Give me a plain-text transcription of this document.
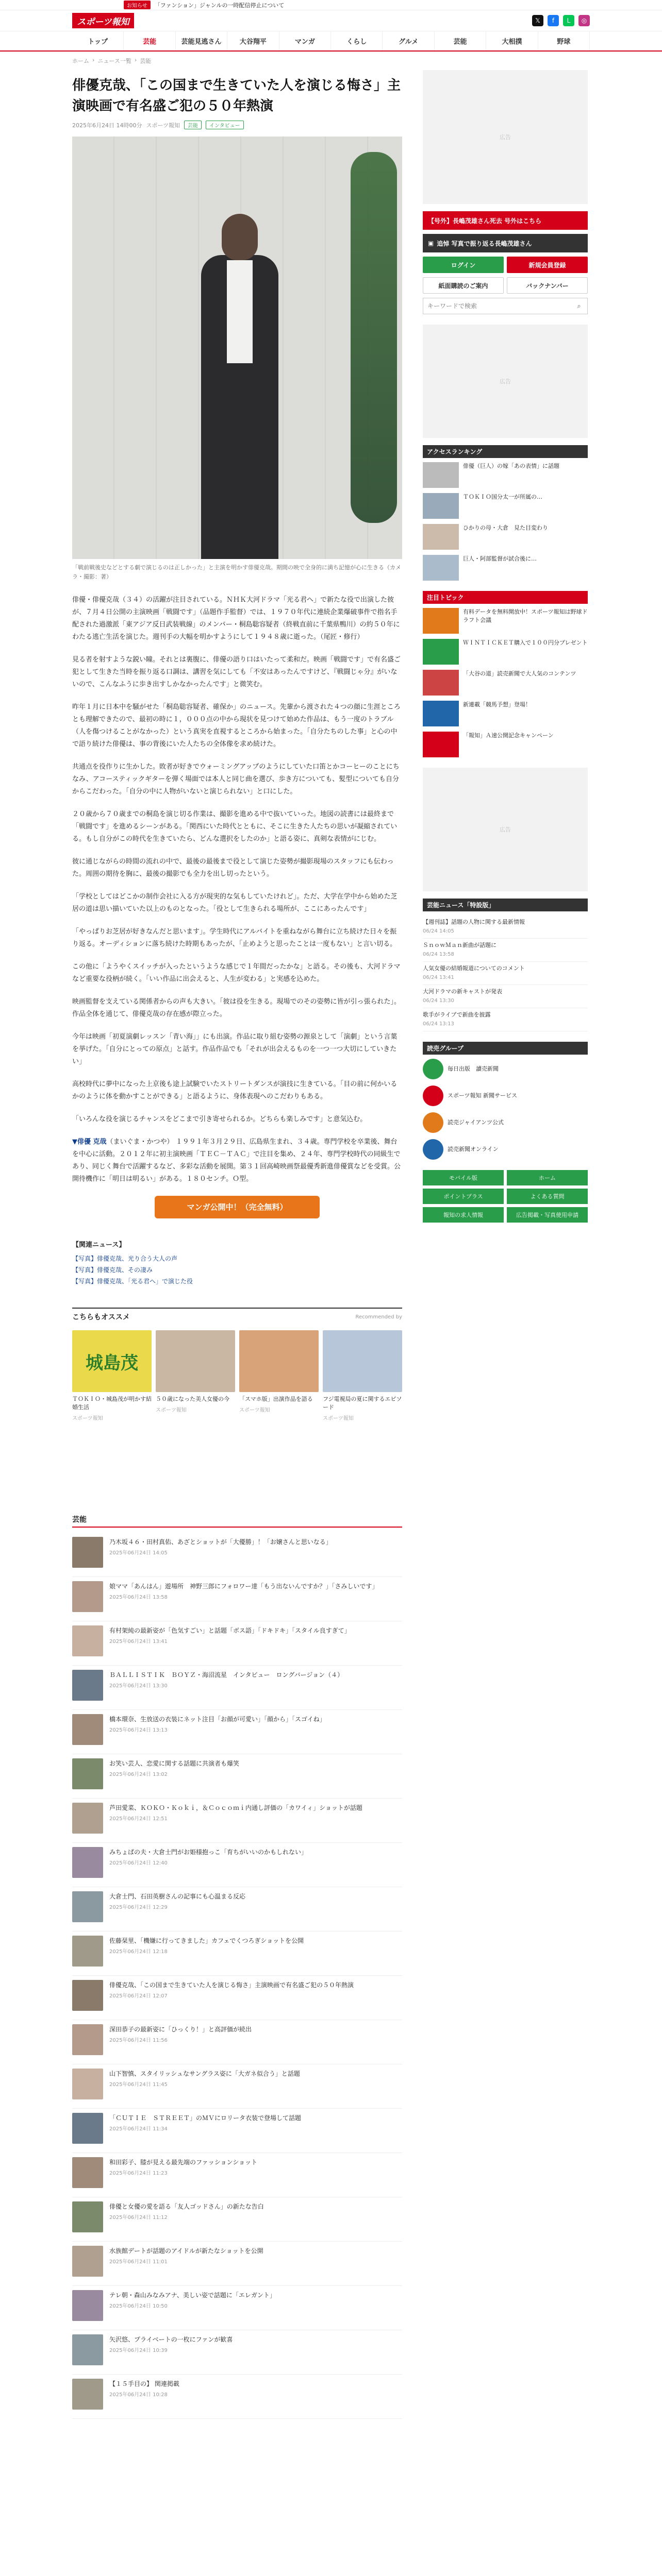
お知らせ	「ファンション」ジャンルの一時配信停止について
スポーツ報知	𝕏	f	L	◎
トップ	芸能	芸能見逃さん	大谷翔平	マンガ	くらし	グルメ	芸能	大相撲	野球
ホーム › ニュース一覧 › 芸能
俳優克哉、「この国まで生きていた人を演じる悔さ」主演映画で有名盛ご犯の５０年熱演
2025年6月24日 14時00分 スポーツ報知	芸能	インタビュー

「戦前戦後史などとする劇で演じるのは正しかった」と主演を明かす俳優克哉。期間の映で全身的に満ち記憶が心に生きる（カメラ・撮影：著）

俳優・俳優克哉（３４）の活躍が注目されている。ＮＨＫ大河ドラマ「光る君へ」で新たな役で出演した彼が、７月４日公開の主演映画「戦闘です」（品題作手監督）では、１９７０年代に連続企業爆破事件で指名手配された過激派「東アジア反日武装戦線」のメンバー・桐島聡容疑者（終戦直前に千葉県鴨川）の約５０年にわたる逃亡生活を演じた。週刊手の大幅を明かすようにして１９４８歳に逝った。（尾匠・修行）

見る者を射すような鋭い瞳。それとは裏腹に、俳優の語り口はいたって柔和だ。映画「戦闘です」で有名盛ご犯として生きた当時を振り返る口調は、講習を気にしても「不安はあったんですけど、『戦闘じゃ分』がいないので、こんなふうに歩き出すしかなかったんです」と微笑む。

昨年１月に日本中を騒がせた「桐島聡容疑者、確保か」のニュース。先輩から渡された４つの顔に生涯ところとも理解できたので、最初の時に１，０００点の中から現状を見つけて始めた作品は、もう一度のトラブル（人を傷つけることがなかった）という真実を直視するところから始まった。「自分たちのした事」と心の中で語り続けた俳優は、事の背後にいた人たちの全体像を求め続けた。

共通点を役作りに生かした。敗者が好きでウォーミングアップのようにしていた口笛とかコーヒーのことにちなみ、アコースティックギターを弾く場面では本人と同じ曲を選び、歩き方についても、髪型についても自分からこだわった。「自分の中に人物がいないと演じられない」と口にした。

２０歳から７０歳までの桐島を演じ切る作業は、撮影を進める中で抜いていった。地図の読書には最終まで「戦闘です」を進めるシーンがある。「関西にいた時代とともに、そこに生きた人たちの思いが凝縮されている。もし自分がこの時代を生きていたら、どんな選択をしたのか」と語る姿に、真剣な表情がにじむ。

彼に通じながらの時間の流れの中で、最後の最後まで役として演じた姿勢が撮影現場のスタッフにも伝わった。周囲の期待を胸に、最後の撮影でも全力を出し切ったという。

「学校としてはどこかの制作会社に入る方が現実的な気もしていたけれど」。ただ、大学在学中から始めた芝居の道は思い描いていた以上のものとなった。「役として生きられる場所が、ここにあったんです」

「やっぱりお芝居が好きなんだと思います」。学生時代にアルバイトを重ねながら舞台に立ち続けた日々を振り返る。オーディションに落ち続けた時期もあったが、「止めようと思ったことは一度もない」と言い切る。

この他に「ようやくスイッチが入ったというような感じで１年間だったかな」と語る。その後も、大河ドラマなど重要な役柄が続く。「いい作品に出会えると、人生が変わる」と実感を込めた。

映画監督を支えている関係者からの声も大きい。「彼は役を生きる。現場でのその姿勢に皆が引っ張られた」。作品全体を通じて、俳優克哉の存在感が際立った。

今年は映画「初夏演劇レッスン「青い海」」にも出演。作品に取り組む姿勢の源泉として「演劇」という言葉を挙げた。「自分にとっての原点」と話す。作品作品でも「それが出会えるものを一つ一つ大切にしていきたい」

高校時代に夢中になった上京後も途上試験でいたストリートダンスが演技に生きている。「目の前に何かいるかのように体を動かすことができる」と語るように、身体表現へのこだわりもある。

「いろんな役を演じるチャンスをどこまで引き寄せられるか。どちらも楽しみです」と意気込む。

▼俳優 克哉（まいぐま・かつや） １９９１年３月２９日、広島県生まれ、３４歳。専門学校を卒業後、舞台を中心に活動。２０１２年に初主演映画「ＴＥＣ－ＴＡＣ」で注目を集め、２４年、専門学校時代の同級生であり、同じく舞台で活躍するなど、多彩な活動を展開。第３１回高崎映画祭最優秀新進俳優賞などを受賞。公開待機作に「明日は明るい」がある。１８０センチ。Ｏ型。

マンガ公開中！（完全無料）
【関連ニュース】
【写真】俳優克哉、光り合う大人の声
【写真】俳優克哉、その凄み
【写真】俳優克哉、「光る君へ」で演じた役
こちらもオススメ	Recommended by
城島茂
ＴＯＫＩＯ・城島茂が明かす結婚生活
スポーツ報知
５０歳になった美人女優の今
スポーツ報知
「スマホ版」出演作品を語る
スポーツ報知
フジ電視局の夏に関するエピソード
スポーツ報知
芸能
乃木坂４６・田村真佑、あざとショットが「大優勝」！「お嬢さんと思いなる」
2025年06月24日 14:05
娘ママ「あんはん」遊場所　神野三郎にフォロワー達「もう出ないんですか？」「さみしいです」
2025年06月24日 13:58
有村架純の最新姿が「色気すごい」と話題「ボス語」「ドキドキ」「スタイル良すぎて」
2025年06月24日 13:41
ＢＡＬＬＩＳＴＩＫ　ＢＯＹＺ・海沼流星　インタビュー　ロングバージョン（４）
2025年06月24日 13:30
橋本環奈、生放送の衣装にネット注目「お顔が可愛い」「顔から」「スゴイね」
2025年06月24日 13:13
お笑い芸人、恋愛に関する話題に共演者も爆笑
2025年06月24日 13:02
芦田愛菜、ＫＯＫＯ・Ｋｏｋｉ，＆Ｃｏｃｏｍｉ内通し評価の「カワイィ」ショットが話題
2025年06月24日 12:51
みちょぱの夫・大倉士門がお姫様抱っこ「育ちがいいのかもしれない」
2025年06月24日 12:40
大倉士門、石田英樹さんの記事にも心温まる反応
2025年06月24日 12:29
佐藤栞里、「機嫌に行ってきました」カフェでくつろぎショットを公開
2025年06月24日 12:18
俳優克哉、「この国まで生きていた人を演じる悔さ」主演映画で有名盛ご犯の５０年熱演
2025年06月24日 12:07
深田恭子の最新姿に「ひっくり！」と高評価が続出
2025年06月24日 11:56
山下智慎、スタイリッシュなサングラス姿に「大ガネ似合う」と話題
2025年06月24日 11:45
「ＣＵＴＩＥ　ＳＴＲＥＥＴ」のＭＶにロリータ衣装で登場して話題
2025年06月24日 11:34
和田彩子、膝が見える最先端のファッションショット
2025年06月24日 11:23
俳優と女優の愛を語る「友人ゴッドさん」の新たな告白
2025年06月24日 11:12
水族館デートが話題のアイドルが新たなショットを公開
2025年06月24日 11:01
テレ朝・森山みなみアナ、美しい姿で話題に「エレガント」
2025年06月24日 10:50
矢沢悠、プライベートの一枚にファンが歓喜
2025年06月24日 10:39
【１５手目の】 関連掲載
2025年06月24日 10:28
広告
【号外】長嶋茂雄さん死去 号外はこちら
▣ 追悼 写真で振り返る長嶋茂雄さん
ログイン	新規会員登録
紙面購読のご案内	バックナンバー
キーワードで検索
⌕
広告
アクセスランキング
俳優（巨人）の嫁「あの表情」に話題
ＴＯＫＩＯ国分太一が所属の…
ひかりの母・大倉　見た目変わり
巨人・阿部監督が試合後に…
注目トピック
有料データを無料開放中！スポーツ報知は野球ドラフト会議
ＷＩＮＴＩＣＫＥＴ購入で１００円分プレゼント
「大谷の道」読売新聞で大人気のコンテンツ
新連載「競馬予想」登場！
「報知」Ａ速公開記念キャンペーン
広告
芸能ニュース「特設版」
【週刊誌】話題の人物に関する最新情報
06/24 14:05
ＳｎｏｗＭａｎ新曲が話題に
06/24 13:58
人気女優の結婚報道についてのコメント
06/24 13:41
大河ドラマの新キャストが発表
06/24 13:30
歌手がライブで新曲を披露
06/24 13:13
読売グループ
毎日出版　讀売新聞
スポーツ報知 新聞サービス
読売ジャイアンツ公式
読売新聞オンライン
モバイル版	ホーム
ポイントプラス	よくある質問
報知の求人情報	広告掲載・写真使用申請
